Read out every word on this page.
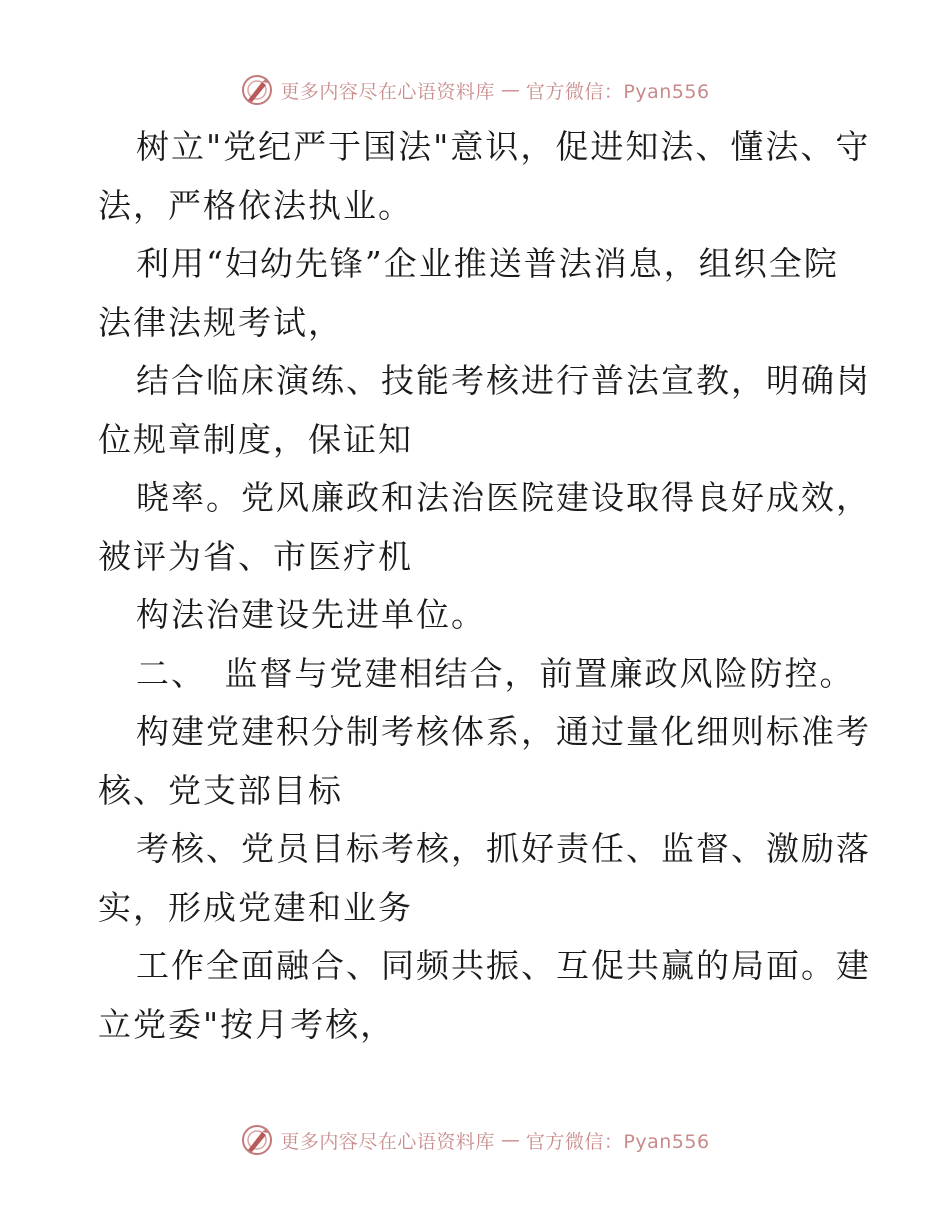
更多内容尽在心语资料库 — 官方微信：Pyan556
树立"党纪严于国法"意识，促进知法、懂法、守
法，严格依法执业。
利用“妇幼先锋”企业推送普法消息，组织全院
法律法规考试，
结合临床演练、技能考核进行普法宣教，明确岗
位规章制度，保证知
晓率。党风廉政和法治医院建设取得良好成效，
被评为省、市医疗机
构法治建设先进单位。
二、　监督与党建相结合，前置廉政风险防控。
构建党建积分制考核体系，通过量化细则标准考
核、党支部目标
考核、党员目标考核，抓好责任、监督、激励落
实，形成党建和业务
工作全面融合、同频共振、互促共赢的局面。建
立党委"按月考核，
更多内容尽在心语资料库 — 官方微信：Pyan556
